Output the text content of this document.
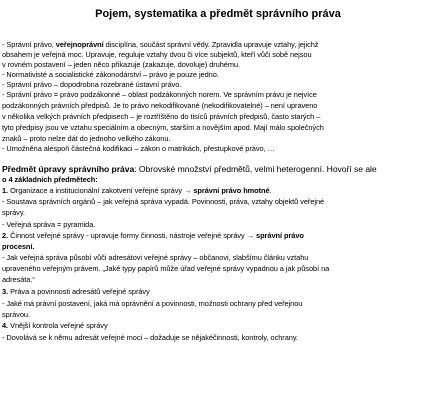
Pojem, systematika a předmět správního práva
- Správní právo, veřejnoprávní disciplína, součást správní vědy. Zpravidla upravuje vztahy, jejichž
obsahem je veřejná moc. Upravuje, reguluje vztahy dvou či více subjektů, kteří vůči sobě nejsou
v rovném postavení – jeden něco přikazuje (zakazuje, dovoluje) druhému.
- Normativisté a socialistické zákonodárství – právo je pouze jedno.
- Správní právo – dopodrobna rozebrané ústavní právo.
- Správní právo = právo podzákonné – oblast podzákonných norem. Ve správním právu je nejvíce
podzákonných právních předpisů. Je to právo nekodifikované (nekodifikovatelné) – není upraveno
v několika velkých právních předpisech – je roztříštěno do tisíců právních předpisů, často starých –
tyto předpisy jsou ve vztahu speciálním a obecným, starším a novějším apod. Mají málo společných
znaků – proto nelze dát do jednoho velkého zákonu.
- Umožněna alespoň částečná kodifikaci – zákon o matrikách, přestupkové právo, …
Předmět úpravy správního práva: Obrovské množství předmětů, velmi heterogenní. Hovoří se ale
o 4 základních předmětech:
1. Organizace a institucionální zakotvení veřejné správy → správní právo hmotné.
- Soustava správních orgánů – jak veřejná správa vypadá. Povinnosti, práva, vztahy objektů veřejné
správy.
- Veřejná správa = pyramida.
2. Činnost veřejné správy - upravuje formy činnosti, nástroje veřejné správy → správní právo
procesní.
- Jak veřejná správa působí vůči adresátovi veřejné správy – občanovi, slabšímu článku vztahu
upraveného veřejným právem. „Jaké typy papírů může úřad veřejné správy vypadnou a jak působí na
adresáta.“
3. Práva a povinnosti adresátů veřejné správy
- Jaké má právní postavení, jaká má oprávnění a povinnosti, možnosti ochrany před veřejnou
správou.
4. Vnější kontrola veřejné správy
- Dovolává se k němu adresát veřejné moci – dožaduje se nějakéčinnosti, kontroly, ochrany.
